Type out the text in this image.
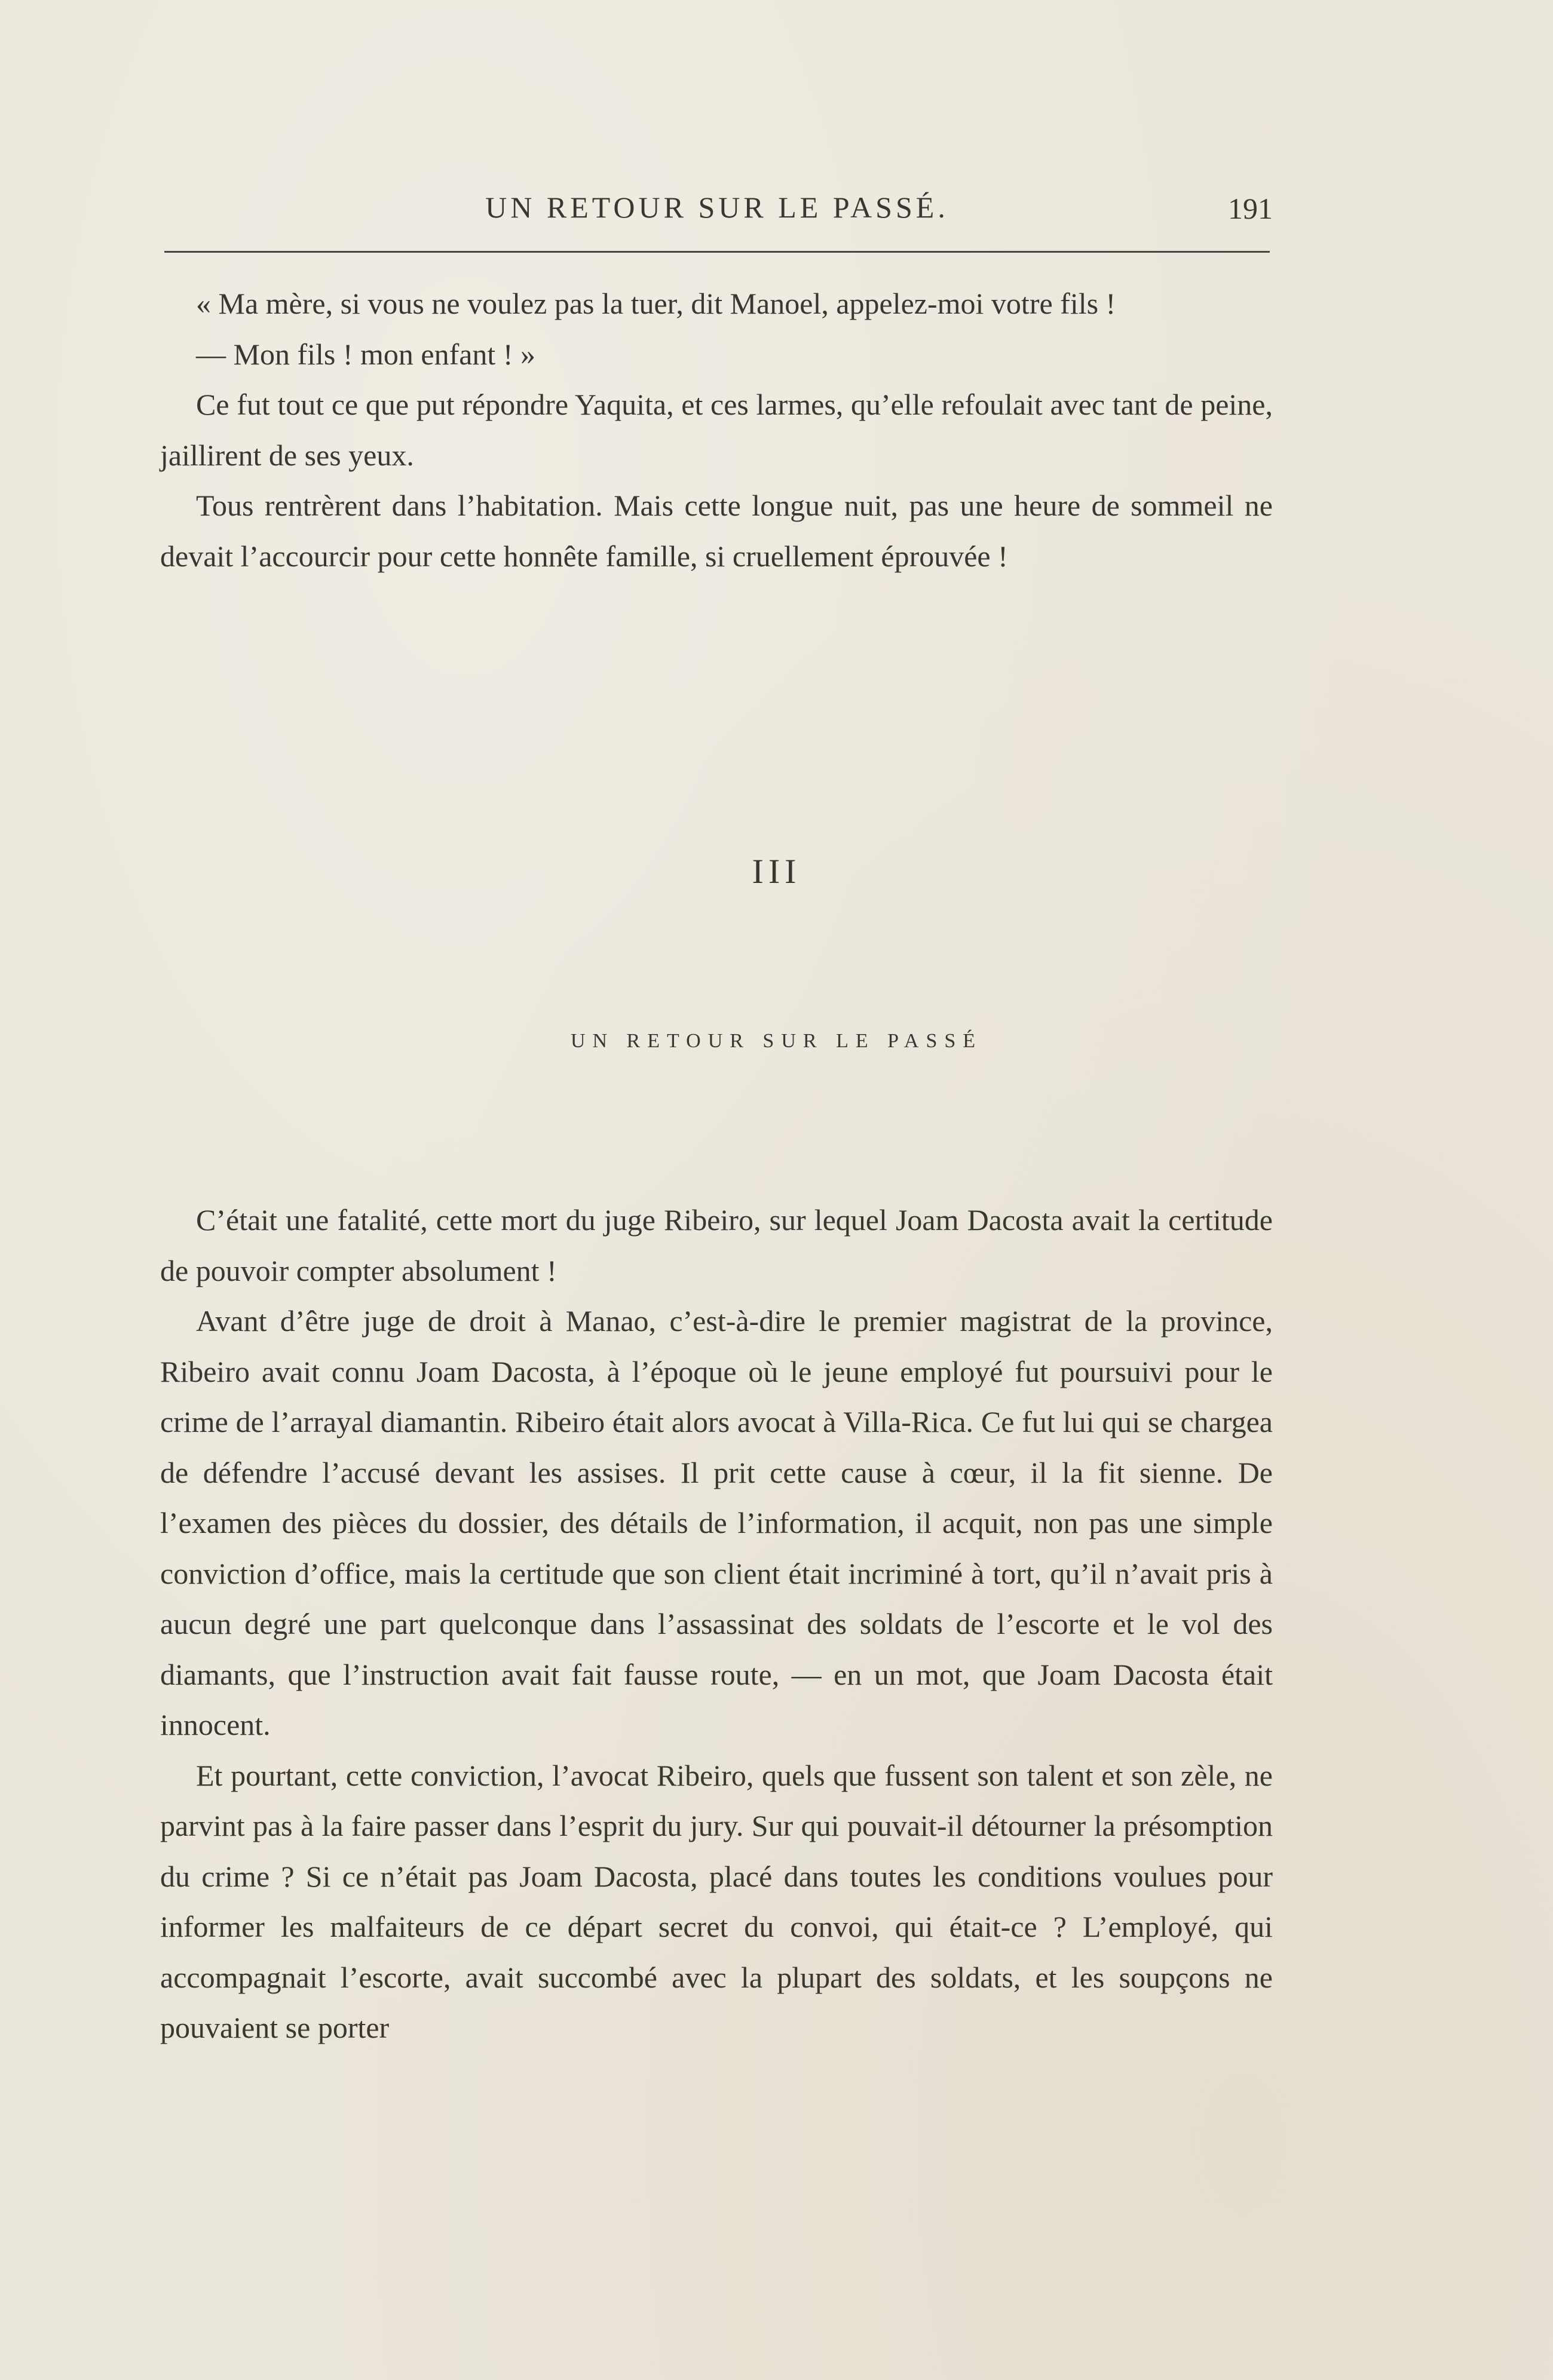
UN RETOUR SUR LE PASSÉ.	191

« Ma mère, si vous ne voulez pas la tuer, dit Manoel, appelez-moi votre fils !

— Mon fils ! mon enfant ! »

Ce fut tout ce que put répondre Yaquita, et ces larmes, qu’elle refoulait avec tant de peine, jaillirent de ses yeux.

Tous rentrèrent dans l’habitation. Mais cette longue nuit, pas une heure de sommeil ne devait l’accourcir pour cette honnête famille, si cruellement éprouvée !

III
UN RETOUR SUR LE PASSÉ

C’était une fatalité, cette mort du juge Ribeiro, sur lequel Joam Dacosta avait la certitude de pouvoir compter absolument !

Avant d’être juge de droit à Manao, c’est-à-dire le premier magistrat de la province, Ribeiro avait connu Joam Dacosta, à l’époque où le jeune employé fut poursuivi pour le crime de l’arrayal diamantin. Ribeiro était alors avocat à Villa-Rica. Ce fut lui qui se chargea de défendre l’accusé devant les assises. Il prit cette cause à cœur, il la fit sienne. De l’examen des pièces du dossier, des détails de l’information, il acquit, non pas une simple conviction d’office, mais la certitude que son client était incriminé à tort, qu’il n’avait pris à aucun degré une part quelconque dans l’assassinat des soldats de l’escorte et le vol des diamants, que l’instruction avait fait fausse route, — en un mot, que Joam Dacosta était innocent.

Et pourtant, cette conviction, l’avocat Ribeiro, quels que fussent son talent et son zèle, ne parvint pas à la faire passer dans l’esprit du jury. Sur qui pouvait-il détourner la présomption du crime ? Si ce n’était pas Joam Dacosta, placé dans toutes les conditions voulues pour informer les malfaiteurs de ce départ secret du convoi, qui était-ce ? L’employé, qui accompagnait l’escorte, avait succombé avec la plupart des soldats, et les soupçons ne pouvaient se porter
